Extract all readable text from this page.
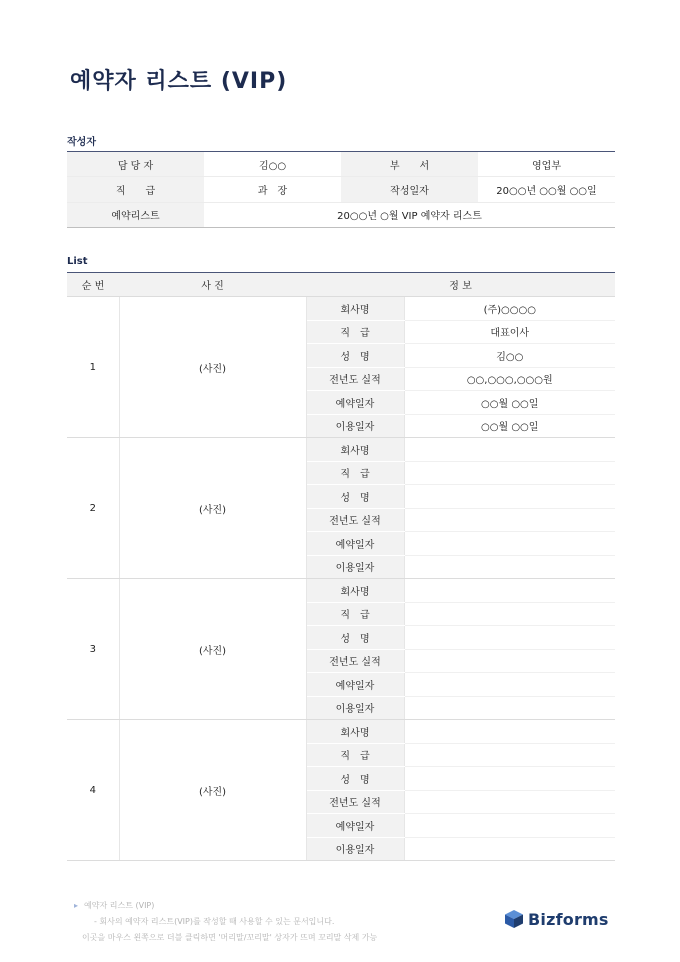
예약자 리스트 (VIP)
작성자
담 당 자	김○○	부　　서	영업부
직　　급	과　장	작성일자	20○○년 ○○월 ○○일
예약리스트	20○○년 ○월 VIP 예약자 리스트		
List
순 번	사 진	정 보	
1	(사진)	회사명	(주)○○○○
		직　급	대표이사
		성　명	김○○
		전년도 실적	○○,○○○,○○○원
		예약일자	○○월 ○○일
		이용일자	○○월 ○○일
2	(사진)	회사명	
		직　급	
		성　명	
		전년도 실적	
		예약일자	
		이용일자	
3	(사진)	회사명	
		직　급	
		성　명	
		전년도 실적	
		예약일자	
		이용일자	
4	(사진)	회사명	
		직　급	
		성　명	
		전년도 실적	
		예약일자	
		이용일자	
▸ 예약자 리스트 (VIP)
- 회사의 예약자 리스트(VIP)를 작성할 때 사용할 수 있는 문서입니다.
이곳을 마우스 왼쪽으로 더블 클릭하면 '머리말/꼬리말' 상자가 뜨며 꼬리말 삭제 가능
Bizforms
